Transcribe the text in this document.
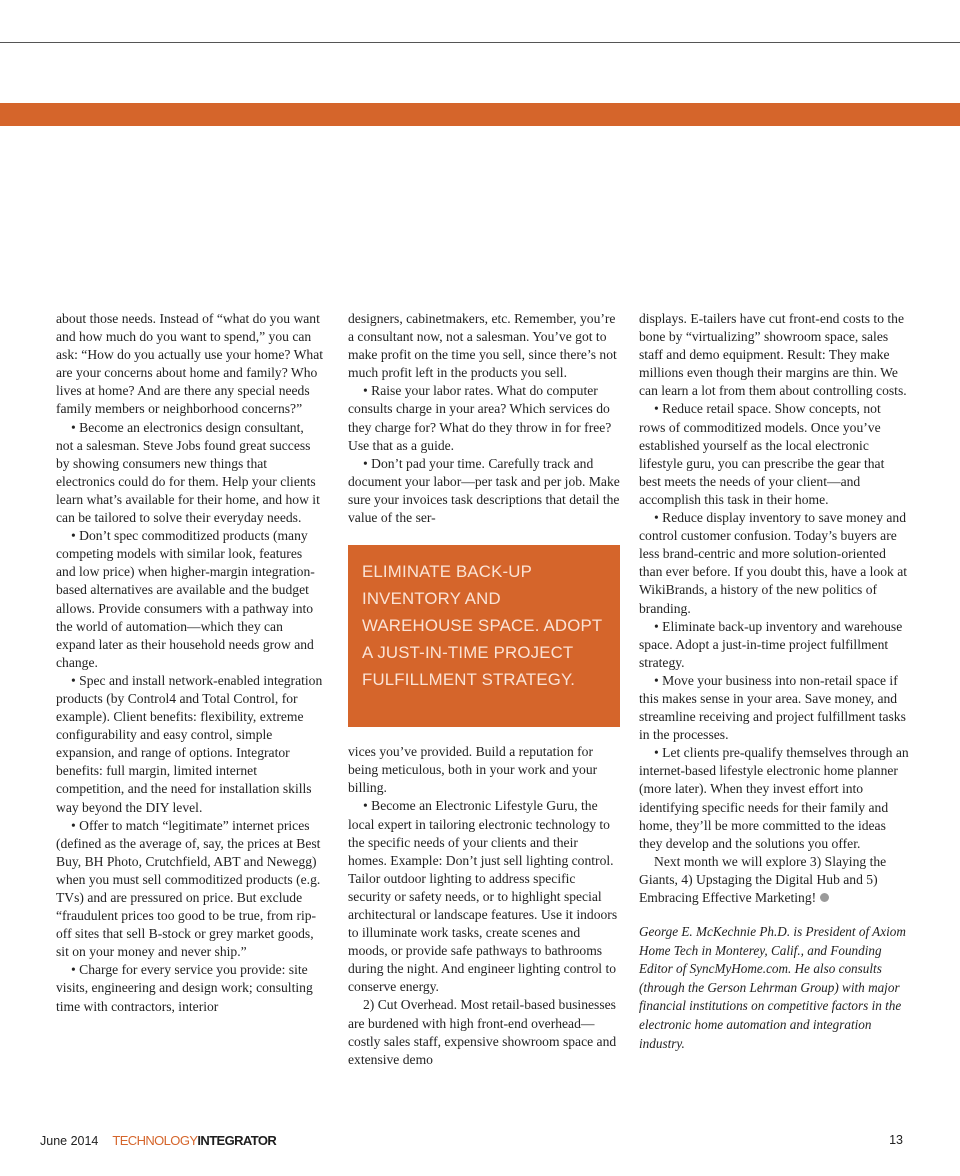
about those needs. Instead of “what do you want and how much do you want to spend,” you can ask: “How do you actually use your home? What are your concerns about home and family? Who lives at home? And are there any special needs family members or neighborhood concerns?”

• Become an electronics design consultant, not a salesman. Steve Jobs found great success by showing consumers new things that electronics could do for them. Help your clients learn what’s available for their home, and how it can be tailored to solve their everyday needs.

• Don’t spec commoditized products (many competing models with similar look, features and low price) when higher-margin integration-based alternatives are available and the budget allows. Provide consumers with a pathway into the world of automation—which they can expand later as their household needs grow and change.

• Spec and install network-enabled integration products (by Control4 and Total Control, for example). Client benefits: flexibility, extreme configurability and easy control, simple expansion, and range of options. Integrator benefits: full margin, limited internet competition, and the need for installation skills way beyond the DIY level.

• Offer to match “legitimate” internet prices (defined as the average of, say, the prices at Best Buy, BH Photo, Crutchfield, ABT and Newegg) when you must sell commoditized products (e.g. TVs) and are pressured on price. But exclude “fraudulent prices too good to be true, from rip-off sites that sell B-stock or grey market goods, sit on your money and never ship.”

• Charge for every service you provide: site visits, engineering and design work; consulting time with contractors, interior

designers, cabinetmakers, etc. Remember, you’re a consultant now, not a salesman. You’ve got to make profit on the time you sell, since there’s not much profit left in the products you sell.

• Raise your labor rates. What do computer consults charge in your area? Which services do they charge for? What do they throw in for free? Use that as a guide.

• Don’t pad your time. Carefully track and document your labor—per task and per job. Make sure your invoices task descriptions that detail the value of the ser-

ELIMINATE BACK-UP INVENTORY AND WAREHOUSE SPACE. ADOPT A JUST-IN-TIME PROJECT FULFILLMENT STRATEGY.

vices you’ve provided. Build a reputation for being meticulous, both in your work and your billing.

• Become an Electronic Lifestyle Guru, the local expert in tailoring electronic technology to the specific needs of your clients and their homes. Example: Don’t just sell lighting control. Tailor outdoor lighting to address specific security or safety needs, or to highlight special architectural or landscape features. Use it indoors to illuminate work tasks, create scenes and moods, or provide safe pathways to bathrooms during the night. And engineer lighting control to conserve energy.

2) Cut Overhead. Most retail-based businesses are burdened with high front-end overhead—costly sales staff, expensive showroom space and extensive demo

displays. E-tailers have cut front-end costs to the bone by “virtualizing” showroom space, sales staff and demo equipment. Result: They make millions even though their margins are thin. We can learn a lot from them about controlling costs.

• Reduce retail space. Show concepts, not rows of commoditized models. Once you’ve established yourself as the local electronic lifestyle guru, you can prescribe the gear that best meets the needs of your client—and accomplish this task in their home.

• Reduce display inventory to save money and control customer confusion. Today’s buyers are less brand-centric and more solution-oriented than ever before. If you doubt this, have a look at WikiBrands, a history of the new politics of branding.

• Eliminate back-up inventory and warehouse space. Adopt a just-in-time project fulfillment strategy.

• Move your business into non-retail space if this makes sense in your area. Save money, and streamline receiving and project fulfillment tasks in the processes.

• Let clients pre-qualify themselves through an internet-based lifestyle electronic home planner (more later). When they invest effort into identifying specific needs for their family and home, they’ll be more committed to the ideas they develop and the solutions you offer.

Next month we will explore 3) Slaying the Giants, 4) Upstaging the Digital Hub and 5) Embracing Effective Marketing!

George E. McKechnie Ph.D. is President of Axiom Home Tech in Monterey, Calif., and Founding Editor of SyncMyHome.com. He also consults (through the Gerson Lehrman Group) with major financial institutions on competitive factors in the electronic home automation and integration industry.

June 2014 TECHNOLOGYINTEGRATOR	13
